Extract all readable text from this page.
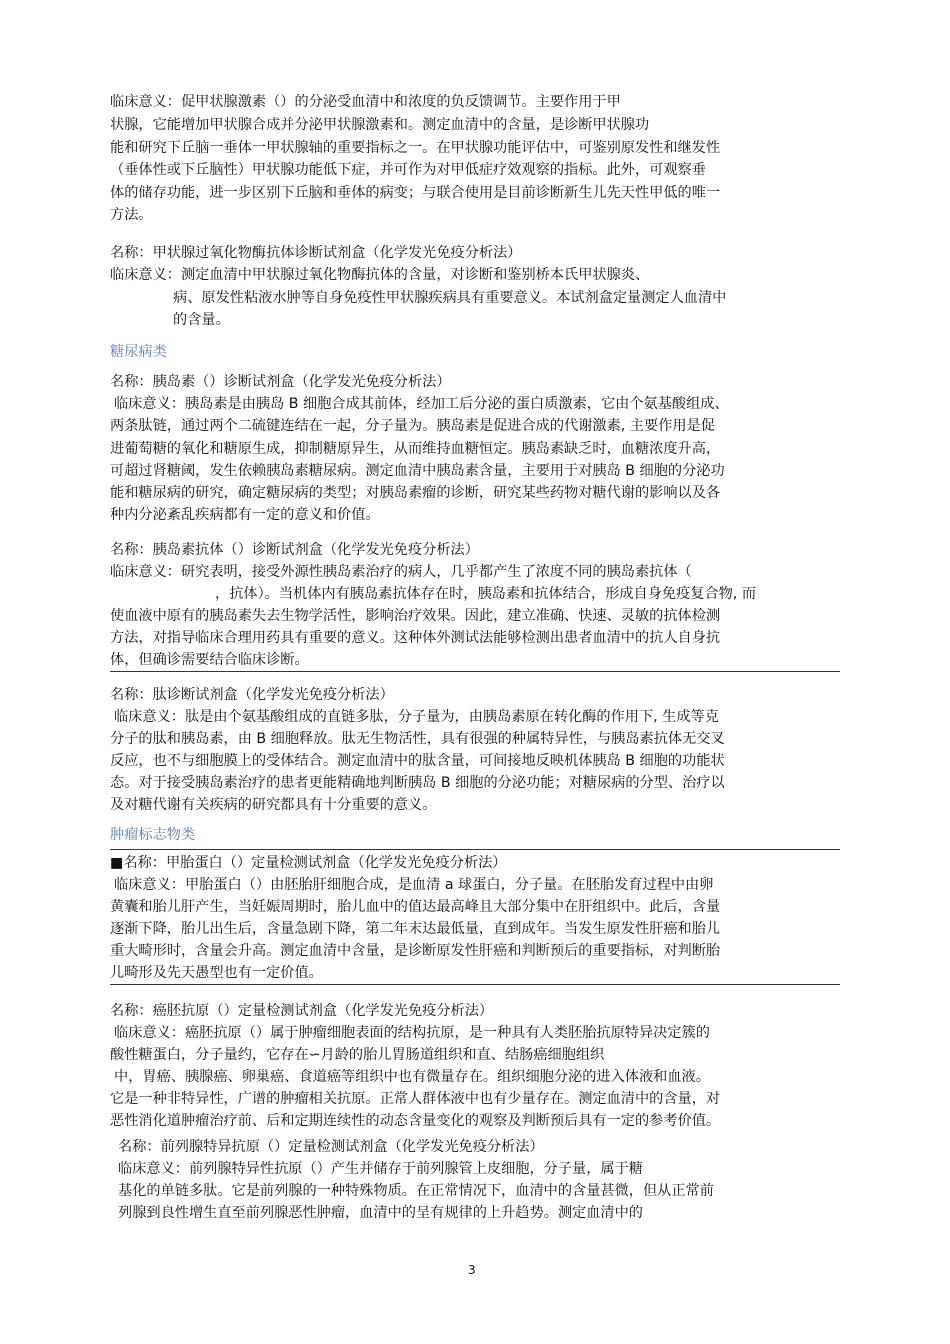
临床意义：促甲状腺激素（）的分泌受血清中和浓度的负反馈调节。主要作用于甲
状腺，它能增加甲状腺合成并分泌甲状腺激素和。测定血清中的含量，是诊断甲状腺功
能和研究下丘脑一垂体一甲状腺轴的重要指标之一。在甲状腺功能评估中，可鉴别原发性和继发性
（垂体性或下丘脑性）甲状腺功能低下症，并可作为对甲低症疗效观察的指标。此外，可观察垂
体的储存功能，进一步区别下丘脑和垂体的病变；与联合使用是目前诊断新生儿先天性甲低的唯一
方法。
名称：甲状腺过氧化物酶抗体诊断试剂盒（化学发光免疫分析法）
临床意义：测定血清中甲状腺过氧化物酶抗体的含量，对诊断和鉴别桥本氏甲状腺炎、
病、原发性粘液水肿等自身免疫性甲状腺疾病具有重要意义。本试剂盒定量测定人血清中
的含量。
糖尿病类
名称：胰岛素（）诊断试剂盒（化学发光免疫分析法）
临床意义：胰岛素是由胰岛 B 细胞合成其前体，经加工后分泌的蛋白质激素，它由个氨基酸组成、
两条肽链，通过两个二硫键连结在一起，分子量为。胰岛素是促进合成的代谢激素, 主要作用是促
进葡萄糖的氧化和糖原生成，抑制糖原异生，从而维持血糖恒定。胰岛素缺乏时，血糖浓度升高，
可超过肾糖阈，发生依赖胰岛素糖尿病。测定血清中胰岛素含量，主要用于对胰岛 B 细胞的分泌功
能和糖尿病的研究，确定糖尿病的类型；对胰岛素瘤的诊断，研究某些药物对糖代谢的影响以及各
种内分泌紊乱疾病都有一定的意义和价值。
名称：胰岛素抗体（）诊断试剂盒（化学发光免疫分析法）
临床意义：研究表明，接受外源性胰岛素治疗的病人，几乎都产生了浓度不同的胰岛素抗体（
，抗体）。当机体内有胰岛素抗体存在时，胰岛素和抗体结合，形成自身免疫复合物, 而
使血液中原有的胰岛素失去生物学活性，影响治疗效果。因此，建立准确、快速、灵敏的抗体检测
方法，对指导临床合理用药具有重要的意义。这种体外测试法能够检测出患者血清中的抗人自身抗
体，但确诊需要结合临床诊断。
名称：肽诊断试剂盒（化学发光免疫分析法）
临床意义：肽是由个氨基酸组成的直链多肽，分子量为，由胰岛素原在转化酶的作用下, 生成等克
分子的肽和胰岛素，由 B 细胞释放。肽无生物活性，具有很强的种属特异性，与胰岛素抗体无交叉
反应，也不与细胞膜上的受体结合。测定血清中的肽含量，可间接地反映机体胰岛 B 细胞的功能状
态。对于接受胰岛素治疗的患者更能精确地判断胰岛 B 细胞的分泌功能；对糖尿病的分型、治疗以
及对糖代谢有关疾病的研究都具有十分重要的意义。
肿瘤标志物类
■名称：甲胎蛋白（）定量检测试剂盒（化学发光免疫分析法）
临床意义：甲胎蛋白（）由胚胎肝细胞合成，是血清 a 球蛋白，分子量。在胚胎发育过程中由卵
黄囊和胎儿肝产生，当妊娠周期时，胎儿血中的值达最高峰且大部分集中在肝组织中。此后，含量
逐渐下降，胎儿出生后，含量急剧下降，第二年末达最低量，直到成年。当发生原发性肝癌和胎儿
重大畸形时，含量会升高。测定血清中含量，是诊断原发性肝癌和判断预后的重要指标，对判断胎
儿畸形及先天愚型也有一定价值。
名称：癌胚抗原（）定量检测试剂盒（化学发光免疫分析法）
临床意义：癌胚抗原（）属于肿瘤细胞表面的结构抗原，是一种具有人类胚胎抗原特异决定簇的
酸性糖蛋白，分子量约，它存在∽月龄的胎儿胃肠道组织和直、结肠癌细胞组织
中，胃癌、胰腺癌、卵巢癌、食道癌等组织中也有微量存在。组织细胞分泌的进入体液和血液。
它是一种非特异性，广谱的肿瘤相关抗原。正常人群体液中也有少量存在。测定血清中的含量，对
恶性消化道肿瘤治疗前、后和定期连续性的动态含量变化的观察及判断预后具有一定的参考价值。
名称：前列腺特异抗原（）定量检测试剂盒（化学发光免疫分析法）
临床意义：前列腺特异性抗原（）产生并储存于前列腺管上皮细胞，分子量，属于糖
基化的单链多肽。它是前列腺的一种特殊物质。在正常情况下，血清中的含量甚微，但从正常前
列腺到良性增生直至前列腺恶性肿瘤，血清中的呈有规律的上升趋势。测定血清中的
3
